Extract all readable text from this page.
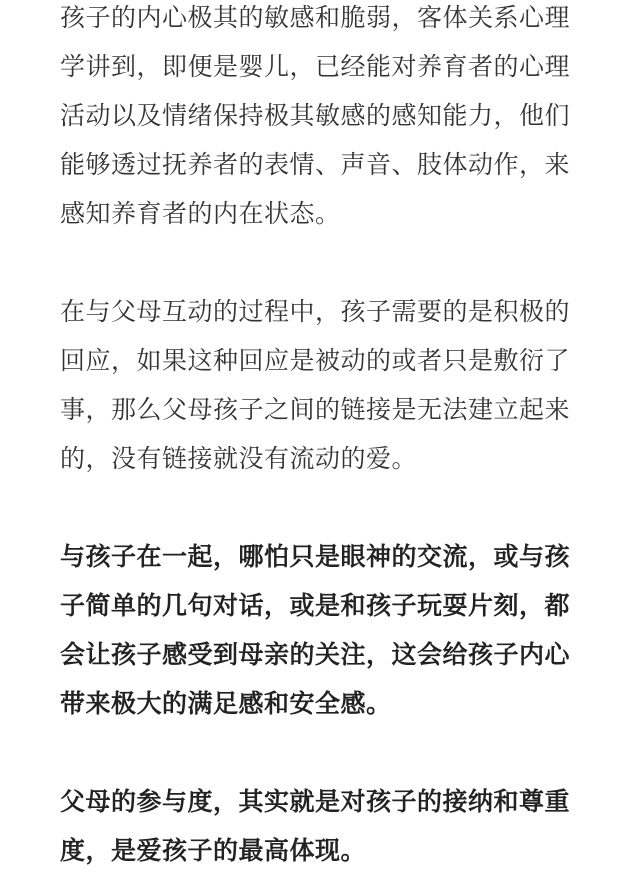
孩子的内心极其的敏感和脆弱，客体关系心理
学讲到，即便是婴儿，已经能对养育者的心理
活动以及情绪保持极其敏感的感知能力，他们
能够透过抚养者的表情、声音、肢体动作，来
感知养育者的内在状态。
在与父母互动的过程中，孩子需要的是积极的
回应，如果这种回应是被动的或者只是敷衍了
事，那么父母孩子之间的链接是无法建立起来
的，没有链接就没有流动的爱。
与孩子在一起，哪怕只是眼神的交流，或与孩
子简单的几句对话，或是和孩子玩耍片刻，都
会让孩子感受到母亲的关注，这会给孩子内心
带来极大的满足感和安全感。
父母的参与度，其实就是对孩子的接纳和尊重
度，是爱孩子的最高体现。
